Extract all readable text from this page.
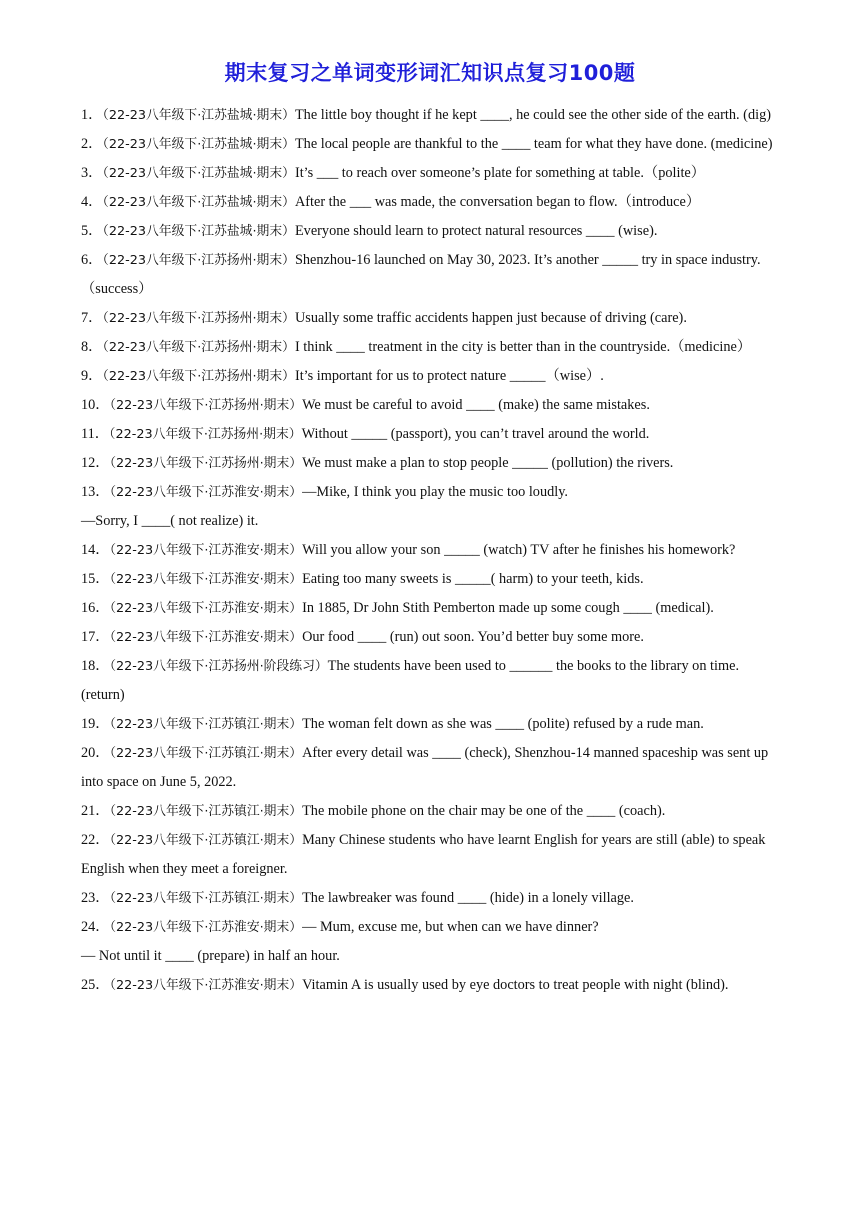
期末复习之单词变形词汇知识点复习100题

1．（22-23八年级下·江苏盐城·期末）The little boy thought if he kept ____, he could see the other side of the earth. (dig)

2．（22-23八年级下·江苏盐城·期末）The local people are thankful to the ____ team for what they have done. (medicine)

3．（22-23八年级下·江苏盐城·期末）It’s ___ to reach over someone’s plate for something at table.（polite）

4．（22-23八年级下·江苏盐城·期末）After the ___ was made, the conversation began to flow.（introduce）

5．（22-23八年级下·江苏盐城·期末）Everyone should learn to protect natural resources ____ (wise).

6．（22-23八年级下·江苏扬州·期末）Shenzhou-16 launched on May 30, 2023. It’s another _____ try in space industry.（success）

7．（22-23八年级下·江苏扬州·期末）Usually some traffic accidents happen just because of driving (care).

8．（22-23八年级下·江苏扬州·期末）I think ____ treatment in the city is better than in the countryside.（medicine）

9．（22-23八年级下·江苏扬州·期末）It’s important for us to protect nature _____（wise）.

10．（22-23八年级下·江苏扬州·期末）We must be careful to avoid ____ (make) the same mistakes.

11．（22-23八年级下·江苏扬州·期末）Without _____ (passport), you can’t travel around the world.

12．（22-23八年级下·江苏扬州·期末）We must make a plan to stop people _____ (pollution) the rivers.

13．（22-23八年级下·江苏淮安·期末）—Mike, I think you play the music too loudly.
—Sorry, I ____( not realize) it.

14．（22-23八年级下·江苏淮安·期末）Will you allow your son _____ (watch) TV after he finishes his homework?

15．（22-23八年级下·江苏淮安·期末）Eating too many sweets is _____( harm) to your teeth, kids.

16．（22-23八年级下·江苏淮安·期末）In 1885, Dr John Stith Pemberton made up some cough ____ (medical).

17．（22-23八年级下·江苏淮安·期末）Our food ____ (run) out soon. You’d better buy some more.

18．（22-23八年级下·江苏扬州·阶段练习）The students have been used to ______ the books to the library on time. (return)

19．（22-23八年级下·江苏镇江·期末）The woman felt down as she was ____ (polite) refused by a rude man.

20．（22-23八年级下·江苏镇江·期末）After every detail was ____ (check), Shenzhou-14 manned spaceship was sent up into space on June 5, 2022.

21．（22-23八年级下·江苏镇江·期末）The mobile phone on the chair may be one of the ____ (coach).

22．（22-23八年级下·江苏镇江·期末）Many Chinese students who have learnt English for years are still (able) to speak English when they meet a foreigner.

23．（22-23八年级下·江苏镇江·期末）The lawbreaker was found ____ (hide) in a lonely village.

24．（22-23八年级下·江苏淮安·期末）— Mum, excuse me, but when can we have dinner?
— Not until it ____ (prepare) in half an hour.

25．（22-23八年级下·江苏淮安·期末）Vitamin A is usually used by eye doctors to treat people with night (blind).
